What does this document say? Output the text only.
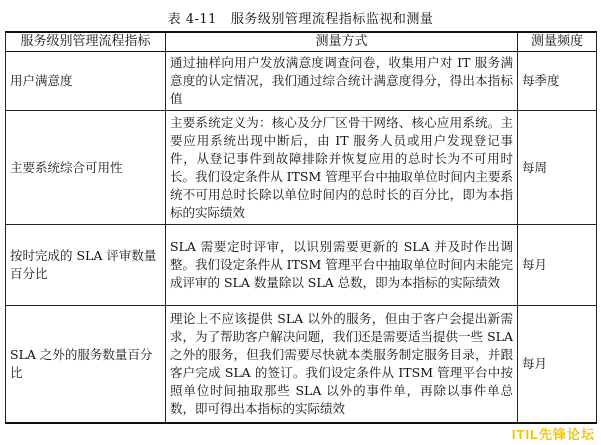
表 4-11 服务级别管理流程指标监视和测量
服务级别管理流程指标	测量方式	测量频度
用户满意度	通过抽样向用户发放满意度调查问卷，收集用户对 IT 服务满意度的认定情况，我们通过综合统计满意度得分，得出本指标值	每季度
主要系统综合可用性	主要系统定义为：核心及分厂区骨干网络、核心应用系统。主要应用系统出现中断后，由 IT 服务人员或用户发现登记事件，从登记事件到故障排除并恢复应用的总时长为不可用时长。我们设定条件从 ITSM 管理平台中抽取单位时间内主要系统不可用总时长除以单位时间内的总时长的百分比，即为本指标的实际绩效	每周
按时完成的 SLA 评审数量百分比	SLA 需要定时评审，以识别需要更新的 SLA 并及时作出调整。我们设定条件从 ITSM 管理平台中抽取单位时间内未能完成评审的 SLA 数量除以 SLA 总数，即为本指标的实际绩效	每月
SLA 之外的服务数量百分比	理论上不应该提供 SLA 以外的服务，但由于客户会提出新需求，为了帮助客户解决问题，我们还是需要适当提供一些 SLA 之外的服务，但我们需要尽快就本类服务制定服务目录，并跟客户完成 SLA 的签订。我们设定条件从 ITSM 管理平台中按照单位时间抽取那些 SLA 以外的事件单，再除以事件单总数，即可得出本指标的实际绩效	每月
ITIL先锋论坛
